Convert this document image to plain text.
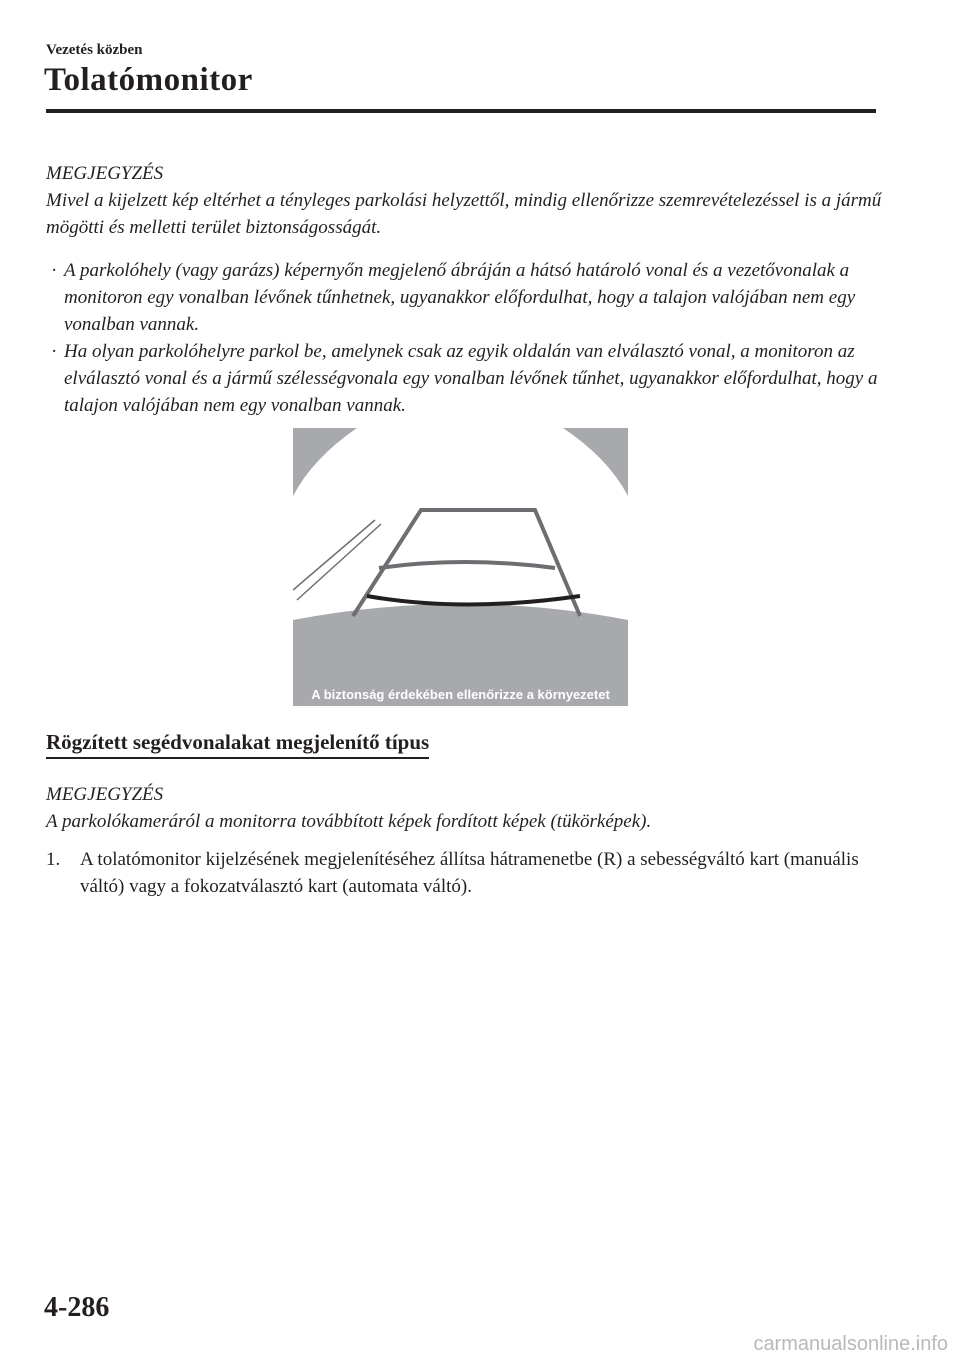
Vezetés közben
Tolatómonitor
MEGJEGYZÉS
Mivel a kijelzett kép eltérhet a tényleges parkolási helyzettől, mindig ellenőrizze szemrevételezéssel is a jármű mögötti és melletti terület biztonságosságát.
· A parkolóhely (vagy garázs) képernyőn megjelenő ábráján a hátsó határoló vonal és a vezetővonalak a monitoron egy vonalban lévőnek tűnhetnek, ugyanakkor előfordulhat, hogy a talajon valójában nem egy vonalban vannak.
· Ha olyan parkolóhelyre parkol be, amelynek csak az egyik oldalán van elválasztó vonal, a monitoron az elválasztó vonal és a jármű szélességvonala egy vonalban lévőnek tűnhet, ugyanakkor előfordulhat, hogy a talajon valójában nem egy vonalban vannak.
A biztonság érdekében ellenőrizze a környezetet
Rögzített segédvonalakat megjelenítő típus
MEGJEGYZÉS
A parkolókameráról a monitorra továbbított képek fordított képek (tükörképek).
1.	A tolatómonitor kijelzésének megjelenítéséhez állítsa hátramenetbe (R) a sebességváltó kart (manuális váltó) vagy a fokozatválasztó kart (automata váltó).
4-286
carmanualsonline.info
